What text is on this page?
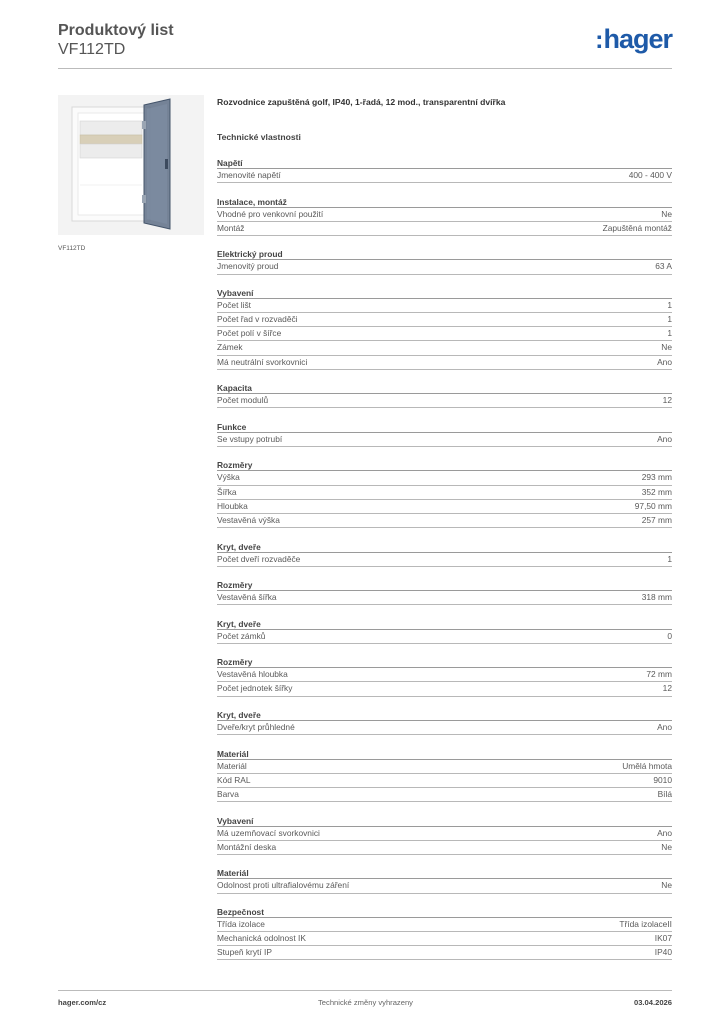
Produktový list
VF112TD	:hager
VF112TD
Rozvodnice zapuštěná golf, IP40, 1-řadá, 12 mod., transparentní dvířka
Technické vlastnosti
Napětí
Jmenovité napětí	400 - 400 V
Instalace, montáž
Vhodné pro venkovní použití	Ne
Montáž	Zapuštěná montáž
Elektrický proud
Jmenovitý proud	63 A
Vybavení
Počet lišt	1
Počet řad v rozvaděči	1
Počet polí v šířce	1
Zámek	Ne
Má neutrální svorkovnici	Ano
Kapacita
Počet modulů	12
Funkce
Se vstupy potrubí	Ano
Rozměry
Výška	293 mm
Šířka	352 mm
Hloubka	97,50 mm
Vestavěná výška	257 mm
Kryt, dveře
Počet dveří rozvaděče	1
Rozměry
Vestavěná šířka	318 mm
Kryt, dveře
Počet zámků	0
Rozměry
Vestavěná hloubka	72 mm
Počet jednotek šířky	12
Kryt, dveře
Dveře/kryt průhledné	Ano
Materiál
Materiál	Umělá hmota
Kód RAL	9010
Barva	Bílá
Vybavení
Má uzemňovací svorkovnici	Ano
Montážní deska	Ne
Materiál
Odolnost proti ultrafialovému záření	Ne
Bezpečnost
Třída izolace	Třída izolaceII
Mechanická odolnost IK	IK07
Stupeň krytí IP	IP40
hager.com/cz	Technické změny vyhrazeny	03.04.2026
